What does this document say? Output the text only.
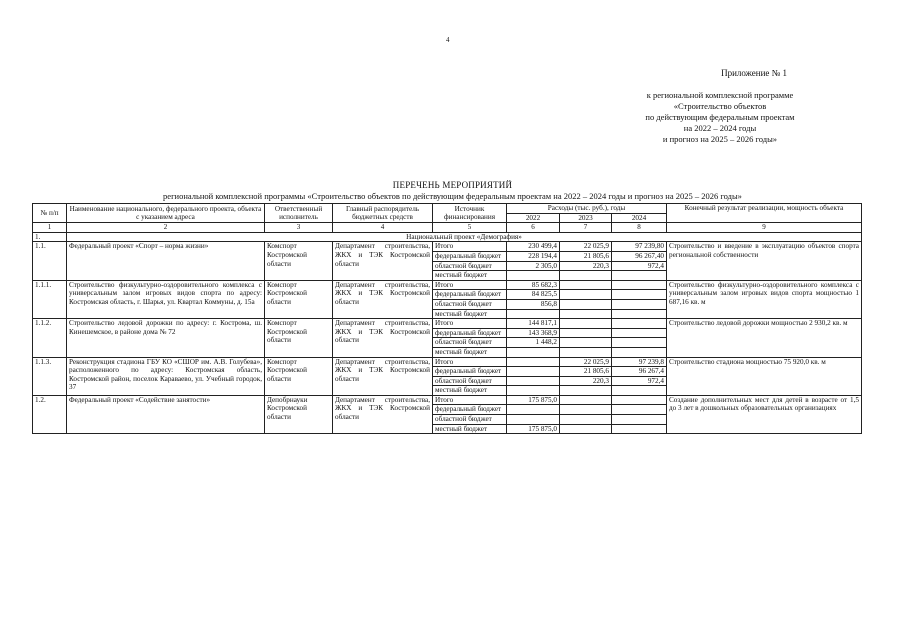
4
Приложение № 1
к региональной комплексной программе
«Строительство объектов
по действующим федеральным проектам
на 2022 – 2024 годы
и прогноз на 2025 – 2026 годы»
ПЕРЕЧЕНЬ МЕРОПРИЯТИЙ
региональной комплексной программы «Строительство объектов по действующим федеральным проектам на 2022 – 2024 годы и прогноз на 2025 – 2026 годы»
№ п/п	Наименование национального, федерального проекта, объекта с указанием адреса	Ответственный исполнитель	Главный распорядитель бюджетных средств	Источник финансирования	Расходы (тыс. руб.), годы			Конечный результат реализации, мощность объекта
					2022	2023	2024	
1	2	3	4	5	6	7	8	9
1.	Национальный проект «Демография»							
1.1.	Федеральный проект «Спорт – норма жизни»	Комспорт Костромской области	Департамент строительства, ЖКХ и ТЭК Костромской области	Итого	230 499,4	22 025,9	97 239,80	Строительство и введение в эксплуатацию объектов спорта региональной собственности
				федеральный бюджет	228 194,4	21 805,6	96 267,40	
				областной бюджет	2 305,0	220,3	972,4	
				местный бюджет				
1.1.1.	Строительство физкультурно-оздоровительного комплекса с универсальным залом игровых видов спорта по адресу: Костромская область, г. Шарья, ул. Квартал Коммуны, д. 15а	Комспорт Костромской области	Департамент строительства, ЖКХ и ТЭК Костромской области	Итого	85 682,3			Строительство физкультурно-оздоровительного комплекса с универсальным залом игровых видов спорта мощностью 1 687,16 кв. м
				федеральный бюджет	84 825,5			
				областной бюджет	856,8			
				местный бюджет				
1.1.2.	Строительство ледовой дорожки по адресу: г. Кострома, ш. Кинешемское, в районе дома № 72	Комспорт Костромской области	Департамент строительства, ЖКХ и ТЭК Костромской области	Итого	144 817,1			Строительство ледовой дорожки мощностью 2 930,2 кв. м
				федеральный бюджет	143 368,9			
				областной бюджет	1 448,2			
				местный бюджет				
1.1.3.	Реконструкция стадиона ГБУ КО «СШОР им. А.В. Голубева», расположенного по адресу: Костромская область, Костромской район, поселок Караваево, ул. Учебный городок, 37	Комспорт Костромской области	Департамент строительства, ЖКХ и ТЭК Костромской области	Итого		22 025,9	97 239,8	Строительство стадиона мощностью 75 920,0 кв. м
				федеральный бюджет		21 805,6	96 267,4	
				областной бюджет		220,3	972,4	
				местный бюджет				
1.2.	Федеральный проект «Содействие занятости»	Депобрнауки Костромской области	Департамент строительства, ЖКХ и ТЭК Костромской области	Итого	175 875,0			Создание дополнительных мест для детей в возрасте от 1,5 до 3 лет в дошкольных образовательных организациях
				федеральный бюджет				
				областной бюджет				
				местный бюджет	175 875,0			
